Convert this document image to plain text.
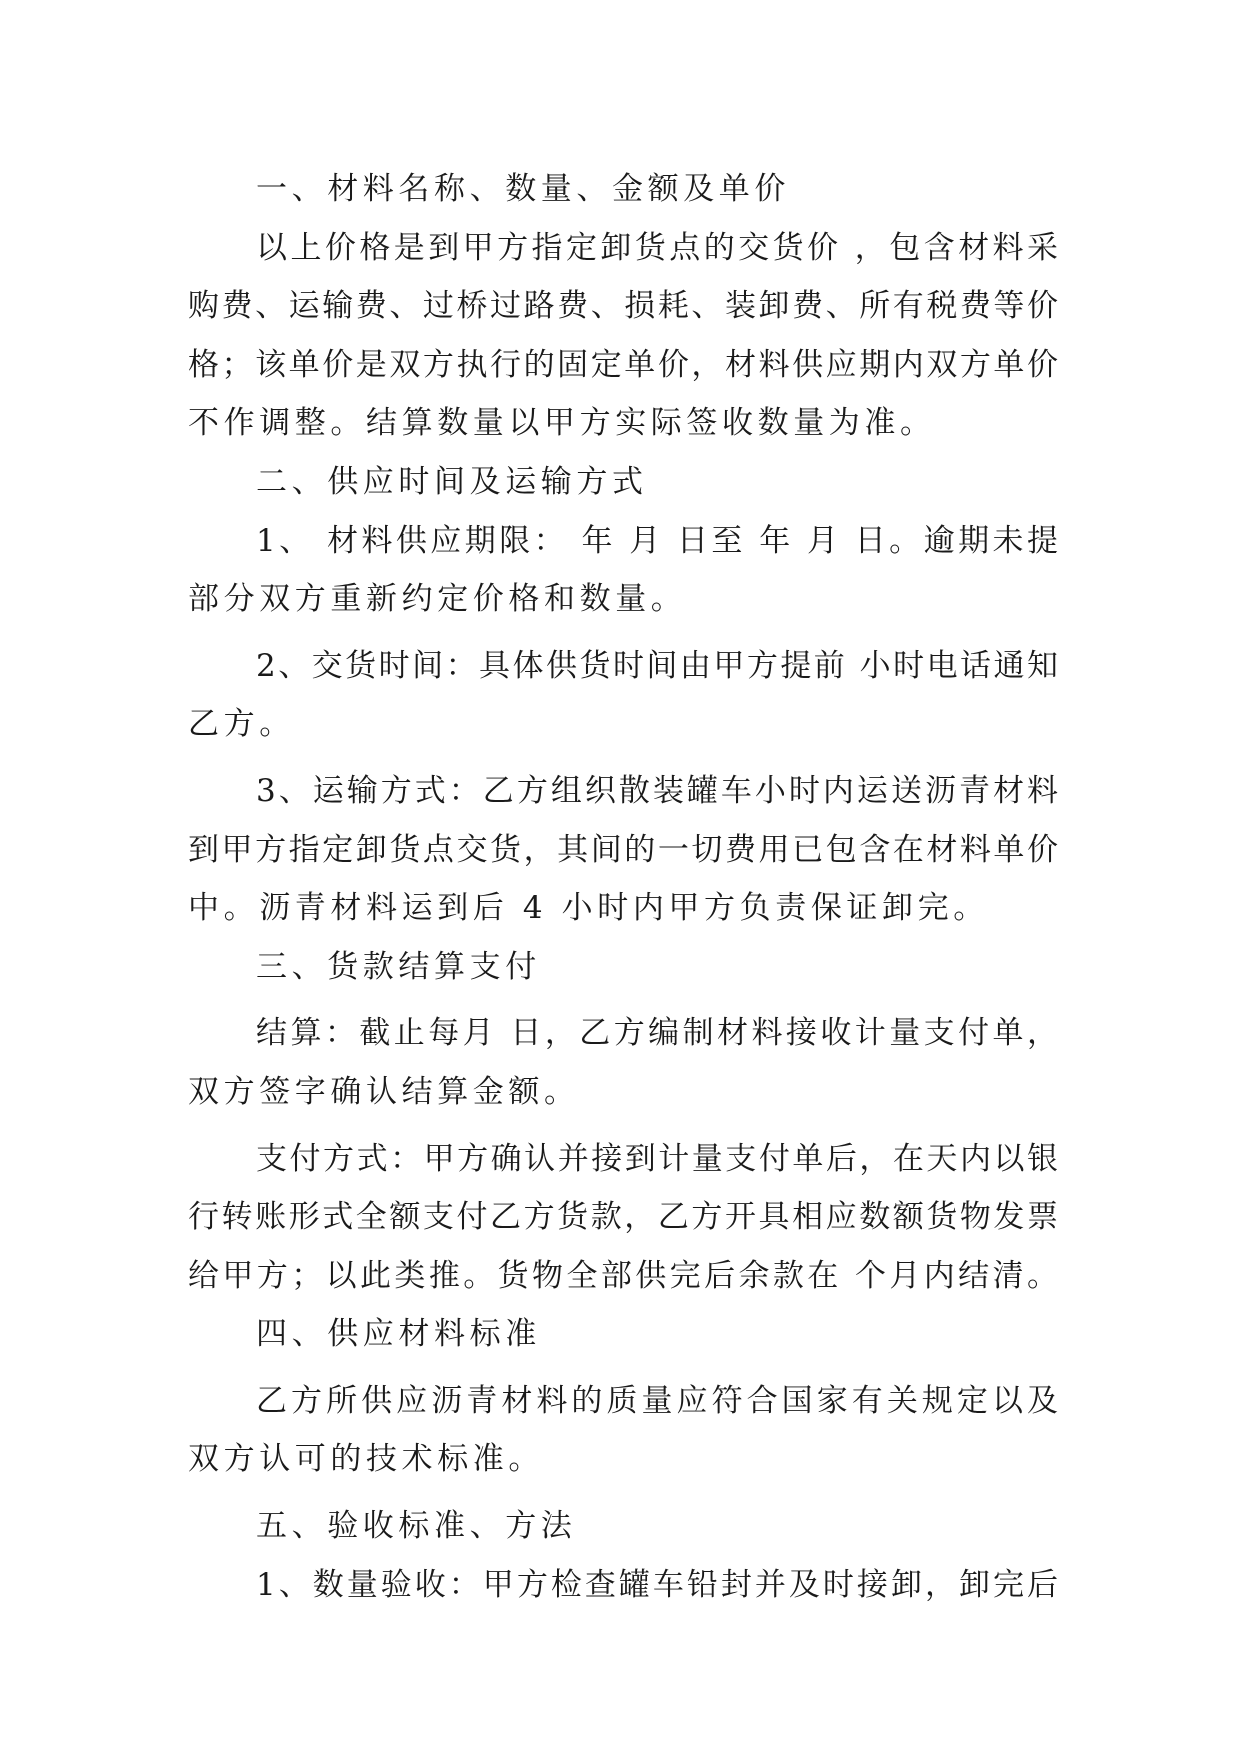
一、材料名称、数量、金额及单价
以上价格是到甲方指定卸货点的交货价 ，包含材料采
购费、运输费、过桥过路费、损耗、装卸费、所有税费等价
格；该单价是双方执行的固定单价，材料供应期内双方单价
不作调整。结算数量以甲方实际签收数量为准。
二、供应时间及运输方式
1、 材料供应期限： 年 月 日至 年 月 日。逾期未提
部分双方重新约定价格和数量。
2、交货时间：具体供货时间由甲方提前 小时电话通知
乙方。
3、运输方式：乙方组织散装罐车小时内运送沥青材料
到甲方指定卸货点交货，其间的一切费用已包含在材料单价
中。沥青材料运到后 4 小时内甲方负责保证卸完。
三、货款结算支付
结算：截止每月 日，乙方编制材料接收计量支付单，
双方签字确认结算金额。
支付方式：甲方确认并接到计量支付单后，在天内以银
行转账形式全额支付乙方货款，乙方开具相应数额货物发票
给甲方；以此类推。货物全部供完后余款在 个月内结清。
四、供应材料标准
乙方所供应沥青材料的质量应符合国家有关规定以及
双方认可的技术标准。
五、验收标准、方法
1、数量验收：甲方检查罐车铅封并及时接卸，卸完后
